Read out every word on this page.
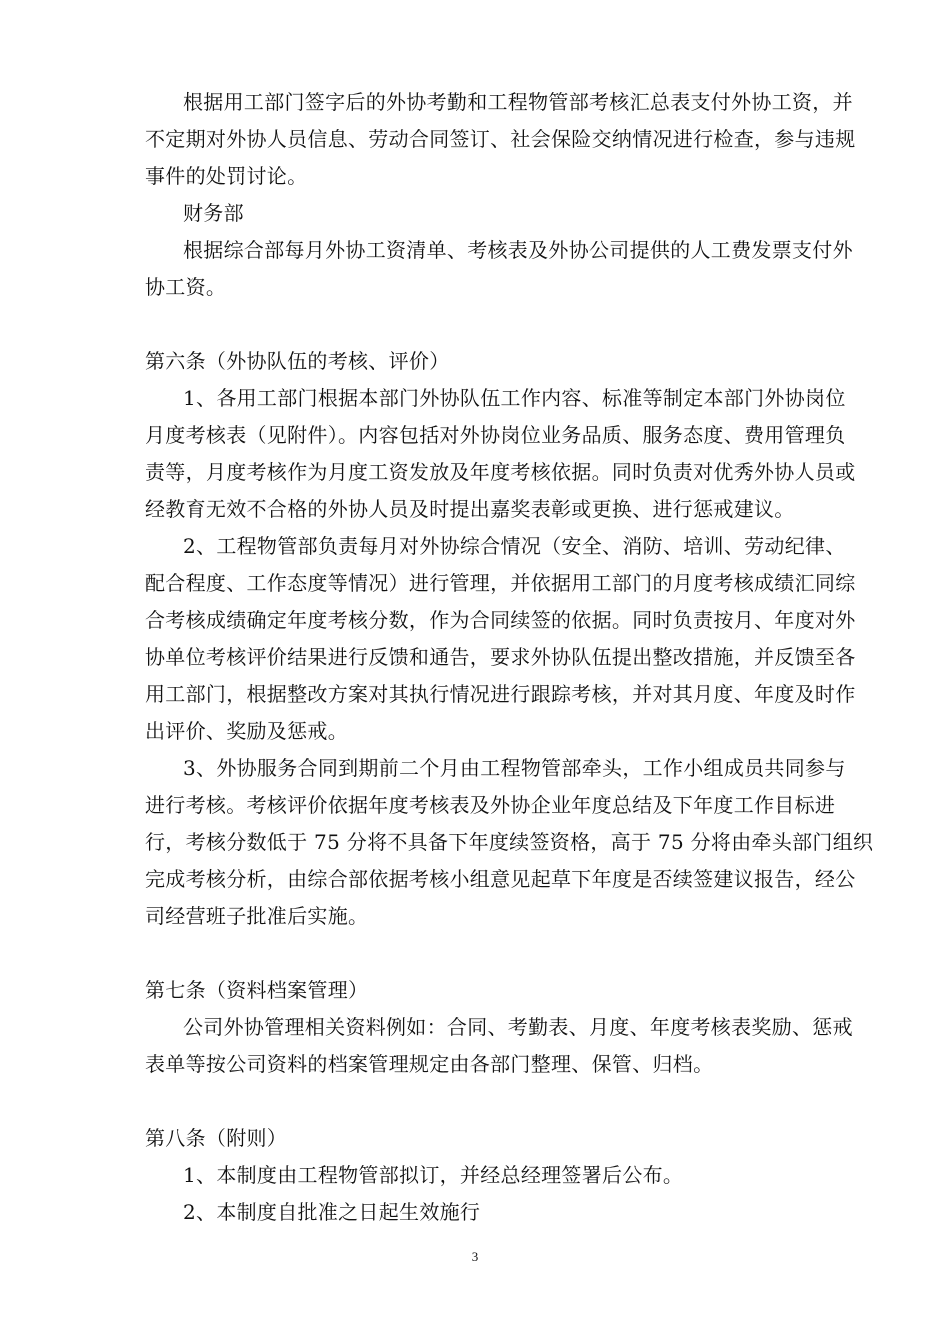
根据用工部门签字后的外协考勤和工程物管部考核汇总表支付外协工资，并
不定期对外协人员信息、劳动合同签订、社会保险交纳情况进行检查，参与违规
事件的处罚讨论。
财务部
根据综合部每月外协工资清单、考核表及外协公司提供的人工费发票支付外
协工资。
第六条（外协队伍的考核、评价）
1、各用工部门根据本部门外协队伍工作内容、标准等制定本部门外协岗位
月度考核表（见附件）。内容包括对外协岗位业务品质、服务态度、费用管理负
责等，月度考核作为月度工资发放及年度考核依据。同时负责对优秀外协人员或
经教育无效不合格的外协人员及时提出嘉奖表彰或更换、进行惩戒建议。
2、工程物管部负责每月对外协综合情况（安全、消防、培训、劳动纪律、
配合程度、工作态度等情况）进行管理，并依据用工部门的月度考核成绩汇同综
合考核成绩确定年度考核分数，作为合同续签的依据。同时负责按月、年度对外
协单位考核评价结果进行反馈和通告，要求外协队伍提出整改措施，并反馈至各
用工部门，根据整改方案对其执行情况进行跟踪考核，并对其月度、年度及时作
出评价、奖励及惩戒。
3、外协服务合同到期前二个月由工程物管部牵头，工作小组成员共同参与
进行考核。考核评价依据年度考核表及外协企业年度总结及下年度工作目标进
行，考核分数低于 75 分将不具备下年度续签资格，高于 75 分将由牵头部门组织
完成考核分析，由综合部依据考核小组意见起草下年度是否续签建议报告，经公
司经营班子批准后实施。
第七条（资料档案管理）
公司外协管理相关资料例如：合同、考勤表、月度、年度考核表奖励、惩戒
表单等按公司资料的档案管理规定由各部门整理、保管、归档。
第八条（附则）
1、本制度由工程物管部拟订，并经总经理签署后公布。
2、本制度自批准之日起生效施行
3
